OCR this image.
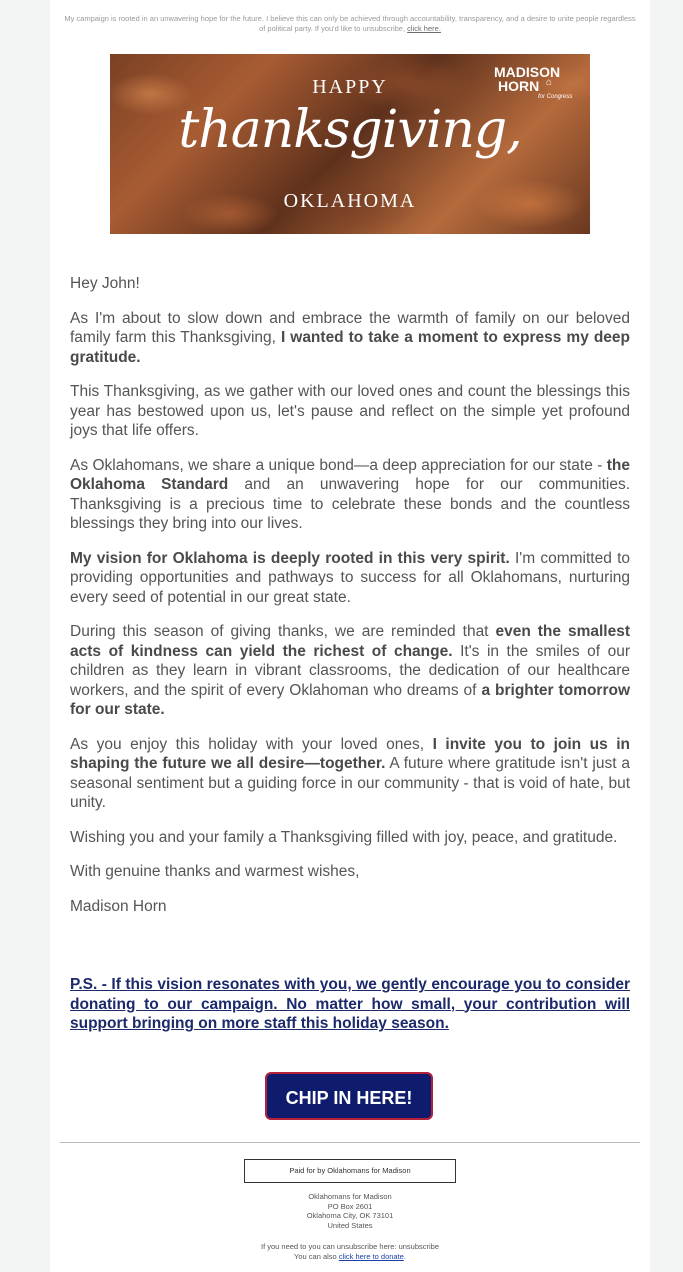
My campaign is rooted in an unwavering hope for the future. I believe this can only be achieved through accountability, transparency, and a desire to unite people regardless of political party. If you'd like to unsubscribe, click here.
HAPPY
thanksgiving,
OKLAHOMA
MADISON
HORN ⌂
for Congress

Hey John!

As I'm about to slow down and embrace the warmth of family on our beloved family farm this Thanksgiving, I wanted to take a moment to express my deep gratitude.

This Thanksgiving, as we gather with our loved ones and count the blessings this year has bestowed upon us, let's pause and reflect on the simple yet profound joys that life offers.

As Oklahomans, we share a unique bond—a deep appreciation for our state - the Oklahoma Standard and an unwavering hope for our communities. Thanksgiving is a precious time to celebrate these bonds and the countless blessings they bring into our lives.

My vision for Oklahoma is deeply rooted in this very spirit. I'm committed to providing opportunities and pathways to success for all Oklahomans, nurturing every seed of potential in our great state.

During this season of giving thanks, we are reminded that even the smallest acts of kindness can yield the richest of change. It's in the smiles of our children as they learn in vibrant classrooms, the dedication of our healthcare workers, and the spirit of every Oklahoman who dreams of a brighter tomorrow for our state.

As you enjoy this holiday with your loved ones, I invite you to join us in shaping the future we all desire—together. A future where gratitude isn't just a seasonal sentiment but a guiding force in our community - that is void of hate, but unity.

Wishing you and your family a Thanksgiving filled with joy, peace, and gratitude.

With genuine thanks and warmest wishes,

Madison Horn

P.S. - If this vision resonates with you, we gently encourage you to consider donating to our campaign. No matter how small, your contribution will support bringing on more staff this holiday season.
CHIP IN HERE!
Paid for by Oklahomans for Madison
Oklahomans for Madison
PO Box 2601
Oklahoma City, OK 73101
United States
If you need to you can unsubscribe here: unsubscribe
You can also click here to donate.
